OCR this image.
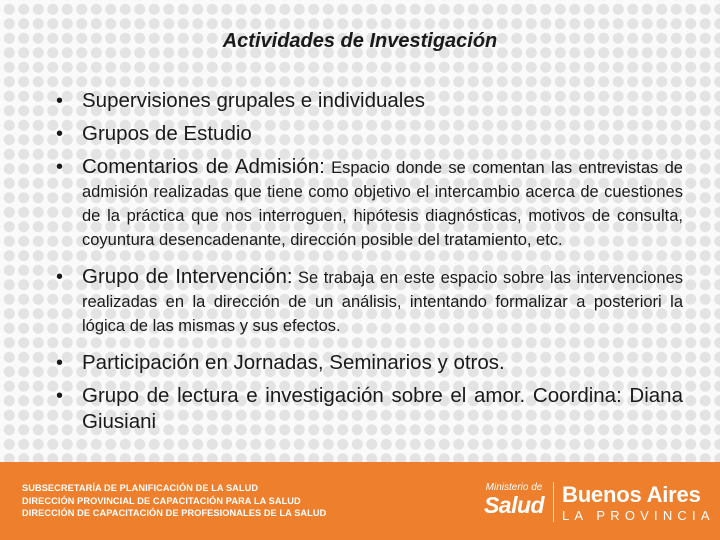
Actividades de Investigación
• Supervisiones grupales e individuales
• Grupos de Estudio
• Comentarios de Admisión: Espacio donde se comentan las entrevistas de admisión realizadas que tiene como objetivo el intercambio acerca de cuestiones de la práctica que nos interroguen, hipótesis diagnósticas, motivos de consulta, coyuntura desencadenante, dirección posible del tratamiento, etc.
• Grupo de Intervención: Se trabaja en este espacio sobre las intervenciones realizadas en la dirección de un análisis, intentando formalizar a posteriori la lógica de las mismas y sus efectos.
• Participación en Jornadas, Seminarios y otros.
• Grupo de lectura e investigación sobre el amor. Coordina: Diana Giusiani
SUBSECRETARÍA DE PLANIFICACIÓN DE LA SALUD
DIRECCIÓN PROVINCIAL DE CAPACITACIÓN PARA LA SALUD
DIRECCIÓN DE CAPACITACIÓN DE PROFESIONALES DE LA SALUD
Ministerio de
Salud Buenos Aires
LA PROVINCIA
